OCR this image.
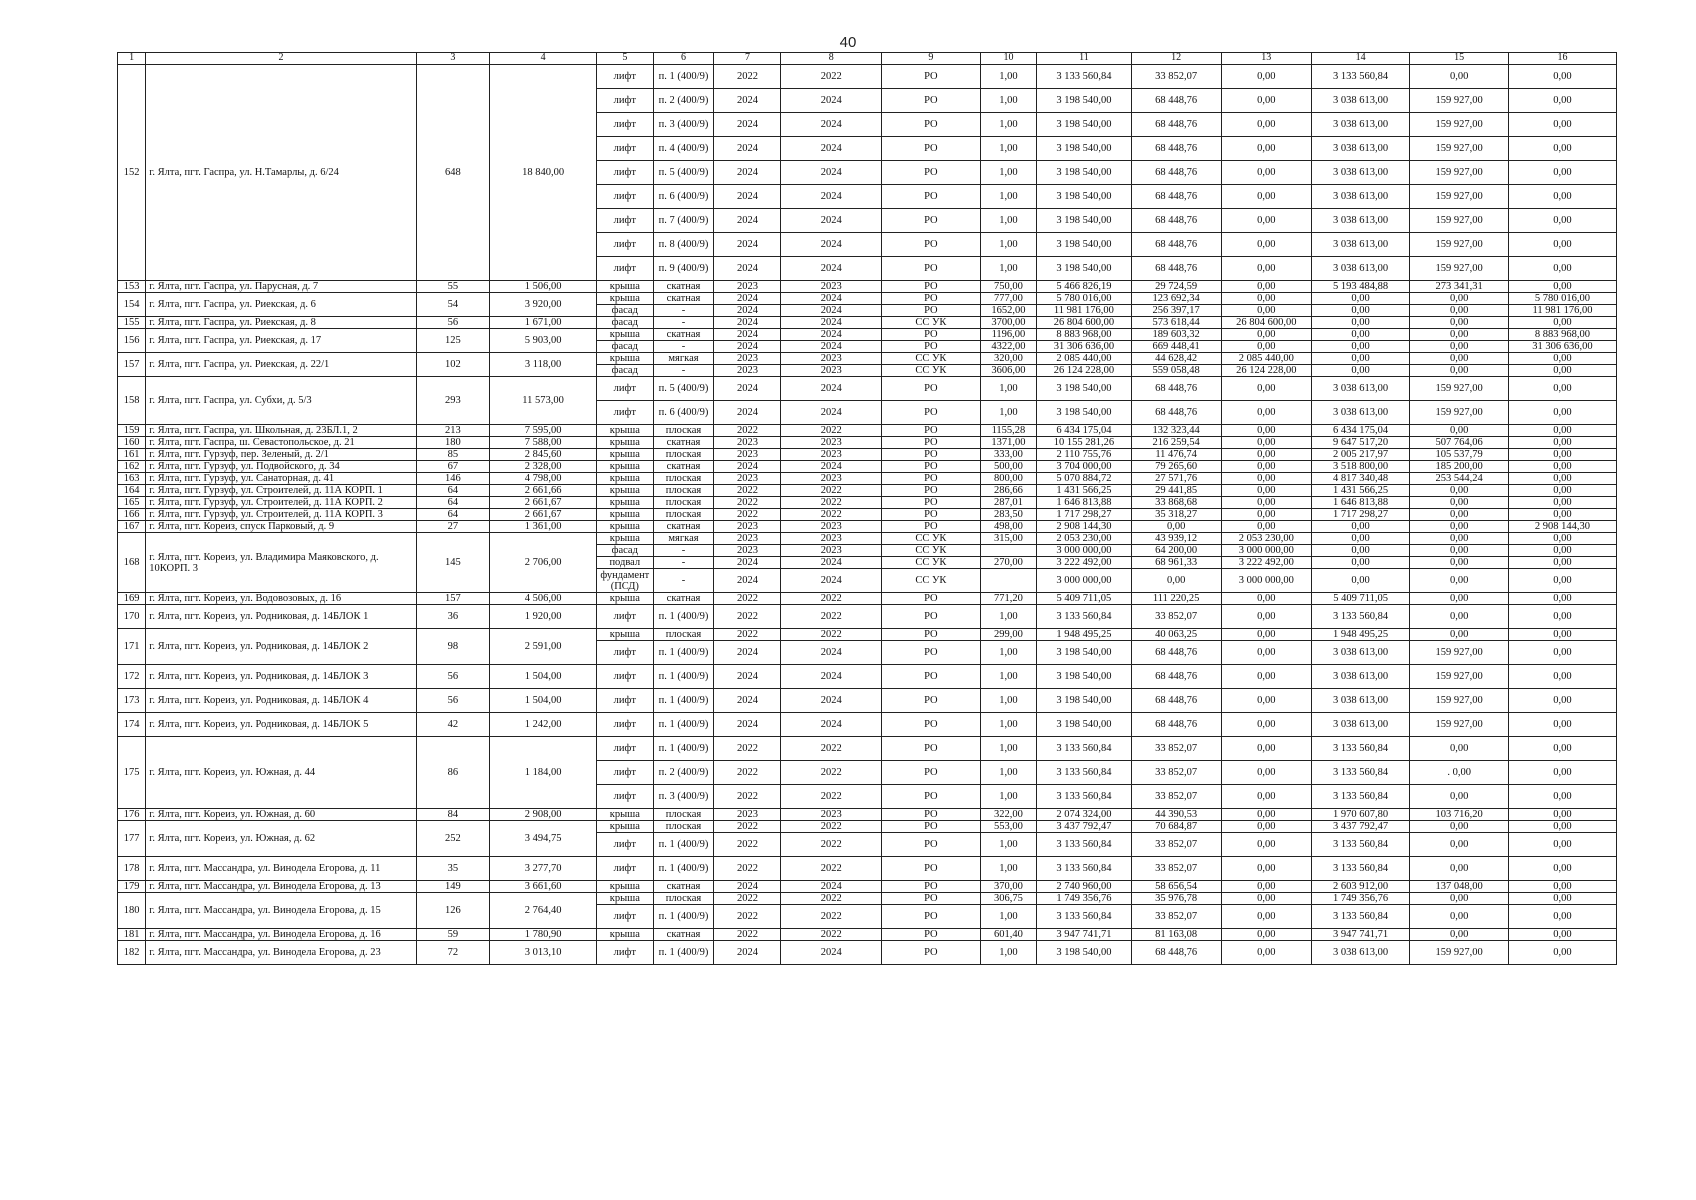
40
1	2	3	4	5	6	7	8	9	10	11	12	13	14	15	16
152	г. Ялта, пгт. Гаспра, ул. Н.Тамарлы, д. 6/24	648	18 840,00	лифт	п. 1 (400/9)	2022	2022	РО	1,00	3 133 560,84	33 852,07	0,00	3 133 560,84	0,00	0,00
				лифт	п. 2 (400/9)	2024	2024	РО	1,00	3 198 540,00	68 448,76	0,00	3 038 613,00	159 927,00	0,00
				лифт	п. 3 (400/9)	2024	2024	РО	1,00	3 198 540,00	68 448,76	0,00	3 038 613,00	159 927,00	0,00
				лифт	п. 4 (400/9)	2024	2024	РО	1,00	3 198 540,00	68 448,76	0,00	3 038 613,00	159 927,00	0,00
				лифт	п. 5 (400/9)	2024	2024	РО	1,00	3 198 540,00	68 448,76	0,00	3 038 613,00	159 927,00	0,00
				лифт	п. 6 (400/9)	2024	2024	РО	1,00	3 198 540,00	68 448,76	0,00	3 038 613,00	159 927,00	0,00
				лифт	п. 7 (400/9)	2024	2024	РО	1,00	3 198 540,00	68 448,76	0,00	3 038 613,00	159 927,00	0,00
				лифт	п. 8 (400/9)	2024	2024	РО	1,00	3 198 540,00	68 448,76	0,00	3 038 613,00	159 927,00	0,00
				лифт	п. 9 (400/9)	2024	2024	РО	1,00	3 198 540,00	68 448,76	0,00	3 038 613,00	159 927,00	0,00
153	г. Ялта, пгт. Гаспра, ул. Парусная, д. 7	55	1 506,00	крыша	скатная	2023	2023	РО	750,00	5 466 826,19	29 724,59	0,00	5 193 484,88	273 341,31	0,00
154	г. Ялта, пгт. Гаспра, ул. Риекская, д. 6	54	3 920,00	крыша	скатная	2024	2024	РО	777,00	5 780 016,00	123 692,34	0,00	0,00	0,00	5 780 016,00
				фасад	-	2024	2024	РО	1652,00	11 981 176,00	256 397,17	0,00	0,00	0,00	11 981 176,00
155	г. Ялта, пгт. Гаспра, ул. Риекская, д. 8	56	1 671,00	фасад	-	2024	2024	СС УК	3700,00	26 804 600,00	573 618,44	26 804 600,00	0,00	0,00	0,00
156	г. Ялта, пгт. Гаспра, ул. Риекская, д. 17	125	5 903,00	крыша	скатная	2024	2024	РО	1196,00	8 883 968,00	189 603,32	0,00	0,00	0,00	8 883 968,00
				фасад	-	2024	2024	РО	4322,00	31 306 636,00	669 448,41	0,00	0,00	0,00	31 306 636,00
157	г. Ялта, пгт. Гаспра, ул. Риекская, д. 22/1	102	3 118,00	крыша	мягкая	2023	2023	СС УК	320,00	2 085 440,00	44 628,42	2 085 440,00	0,00	0,00	0,00
				фасад	-	2023	2023	СС УК	3606,00	26 124 228,00	559 058,48	26 124 228,00	0,00	0,00	0,00
158	г. Ялта, пгт. Гаспра, ул. Субхи, д. 5/3	293	11 573,00	лифт	п. 5 (400/9)	2024	2024	РО	1,00	3 198 540,00	68 448,76	0,00	3 038 613,00	159 927,00	0,00
				лифт	п. 6 (400/9)	2024	2024	РО	1,00	3 198 540,00	68 448,76	0,00	3 038 613,00	159 927,00	0,00
159	г. Ялта, пгт. Гаспра, ул. Школьная, д. 23БЛ.1, 2	213	7 595,00	крыша	плоская	2022	2022	РО	1155,28	6 434 175,04	132 323,44	0,00	6 434 175,04	0,00	0,00
160	г. Ялта, пгт. Гаспра, ш. Севастопольское, д. 21	180	7 588,00	крыша	скатная	2023	2023	РО	1371,00	10 155 281,26	216 259,54	0,00	9 647 517,20	507 764,06	0,00
161	г. Ялта, пгт. Гурзуф, пер. Зеленый, д. 2/1	85	2 845,60	крыша	плоская	2023	2023	РО	333,00	2 110 755,76	11 476,74	0,00	2 005 217,97	105 537,79	0,00
162	г. Ялта, пгт. Гурзуф, ул. Подвойского, д. 34	67	2 328,00	крыша	скатная	2024	2024	РО	500,00	3 704 000,00	79 265,60	0,00	3 518 800,00	185 200,00	0,00
163	г. Ялта, пгт. Гурзуф, ул. Санаторная, д. 41	146	4 798,00	крыша	плоская	2023	2023	РО	800,00	5 070 884,72	27 571,76	0,00	4 817 340,48	253 544,24	0,00
164	г. Ялта, пгт. Гурзуф, ул. Строителей, д. 11А КОРП. 1	64	2 661,66	крыша	плоская	2022	2022	РО	286,66	1 431 566,25	29 441,85	0,00	1 431 566,25	0,00	0,00
165	г. Ялта, пгт. Гурзуф, ул. Строителей, д. 11А КОРП. 2	64	2 661,67	крыша	плоская	2022	2022	РО	287,01	1 646 813,88	33 868,68	0,00	1 646 813,88	0,00	0,00
166	г. Ялта, пгт. Гурзуф, ул. Строителей, д. 11А КОРП. 3	64	2 661,67	крыша	плоская	2022	2022	РО	283,50	1 717 298,27	35 318,27	0,00	1 717 298,27	0,00	0,00
167	г. Ялта, пгт. Кореиз, спуск Парковый, д. 9	27	1 361,00	крыша	скатная	2023	2023	РО	498,00	2 908 144,30	0,00	0,00	0,00	0,00	2 908 144,30
168	г. Ялта, пгт. Кореиз, ул. Владимира Маяковского, д. 10КОРП. 3	145	2 706,00	крыша	мягкая	2023	2023	СС УК	315,00	2 053 230,00	43 939,12	2 053 230,00	0,00	0,00	0,00
				фасад	-	2023	2023	СС УК		3 000 000,00	64 200,00	3 000 000,00	0,00	0,00	0,00
				подвал	-	2024	2024	СС УК	270,00	3 222 492,00	68 961,33	3 222 492,00	0,00	0,00	0,00
				фундамент (ПСД)	-	2024	2024	СС УК		3 000 000,00	0,00	3 000 000,00	0,00	0,00	0,00
169	г. Ялта, пгт. Кореиз, ул. Водовозовых, д. 16	157	4 506,00	крыша	скатная	2022	2022	РО	771,20	5 409 711,05	111 220,25	0,00	5 409 711,05	0,00	0,00
170	г. Ялта, пгт. Кореиз, ул. Родниковая, д. 14БЛОК 1	36	1 920,00	лифт	п. 1 (400/9)	2022	2022	РО	1,00	3 133 560,84	33 852,07	0,00	3 133 560,84	0,00	0,00
171	г. Ялта, пгт. Кореиз, ул. Родниковая, д. 14БЛОК 2	98	2 591,00	крыша	плоская	2022	2022	РО	299,00	1 948 495,25	40 063,25	0,00	1 948 495,25	0,00	0,00
				лифт	п. 1 (400/9)	2024	2024	РО	1,00	3 198 540,00	68 448,76	0,00	3 038 613,00	159 927,00	0,00
172	г. Ялта, пгт. Кореиз, ул. Родниковая, д. 14БЛОК 3	56	1 504,00	лифт	п. 1 (400/9)	2024	2024	РО	1,00	3 198 540,00	68 448,76	0,00	3 038 613,00	159 927,00	0,00
173	г. Ялта, пгт. Кореиз, ул. Родниковая, д. 14БЛОК 4	56	1 504,00	лифт	п. 1 (400/9)	2024	2024	РО	1,00	3 198 540,00	68 448,76	0,00	3 038 613,00	159 927,00	0,00
174	г. Ялта, пгт. Кореиз, ул. Родниковая, д. 14БЛОК 5	42	1 242,00	лифт	п. 1 (400/9)	2024	2024	РО	1,00	3 198 540,00	68 448,76	0,00	3 038 613,00	159 927,00	0,00
175	г. Ялта, пгт. Кореиз, ул. Южная, д. 44	86	1 184,00	лифт	п. 1 (400/9)	2022	2022	РО	1,00	3 133 560,84	33 852,07	0,00	3 133 560,84	0,00	0,00
				лифт	п. 2 (400/9)	2022	2022	РО	1,00	3 133 560,84	33 852,07	0,00	3 133 560,84	. 0,00	0,00
				лифт	п. 3 (400/9)	2022	2022	РО	1,00	3 133 560,84	33 852,07	0,00	3 133 560,84	0,00	0,00
176	г. Ялта, пгт. Кореиз, ул. Южная, д. 60	84	2 908,00	крыша	плоская	2023	2023	РО	322,00	2 074 324,00	44 390,53	0,00	1 970 607,80	103 716,20	0,00
177	г. Ялта, пгт. Кореиз, ул. Южная, д. 62	252	3 494,75	крыша	плоская	2022	2022	РО	553,00	3 437 792,47	70 684,87	0,00	3 437 792,47	0,00	0,00
				лифт	п. 1 (400/9)	2022	2022	РО	1,00	3 133 560,84	33 852,07	0,00	3 133 560,84	0,00	0,00
178	г. Ялта, пгт. Массандра, ул. Винодела Егорова, д. 11	35	3 277,70	лифт	п. 1 (400/9)	2022	2022	РО	1,00	3 133 560,84	33 852,07	0,00	3 133 560,84	0,00	0,00
179	г. Ялта, пгт. Массандра, ул. Винодела Егорова, д. 13	149	3 661,60	крыша	скатная	2024	2024	РО	370,00	2 740 960,00	58 656,54	0,00	2 603 912,00	137 048,00	0,00
180	г. Ялта, пгт. Массандра, ул. Винодела Егорова, д. 15	126	2 764,40	крыша	плоская	2022	2022	РО	306,75	1 749 356,76	35 976,78	0,00	1 749 356,76	0,00	0,00
				лифт	п. 1 (400/9)	2022	2022	РО	1,00	3 133 560,84	33 852,07	0,00	3 133 560,84	0,00	0,00
181	г. Ялта, пгт. Массандра, ул. Винодела Егорова, д. 16	59	1 780,90	крыша	скатная	2022	2022	РО	601,40	3 947 741,71	81 163,08	0,00	3 947 741,71	0,00	0,00
182	г. Ялта, пгт. Массандра, ул. Винодела Егорова, д. 23	72	3 013,10	лифт	п. 1 (400/9)	2024	2024	РО	1,00	3 198 540,00	68 448,76	0,00	3 038 613,00	159 927,00	0,00
